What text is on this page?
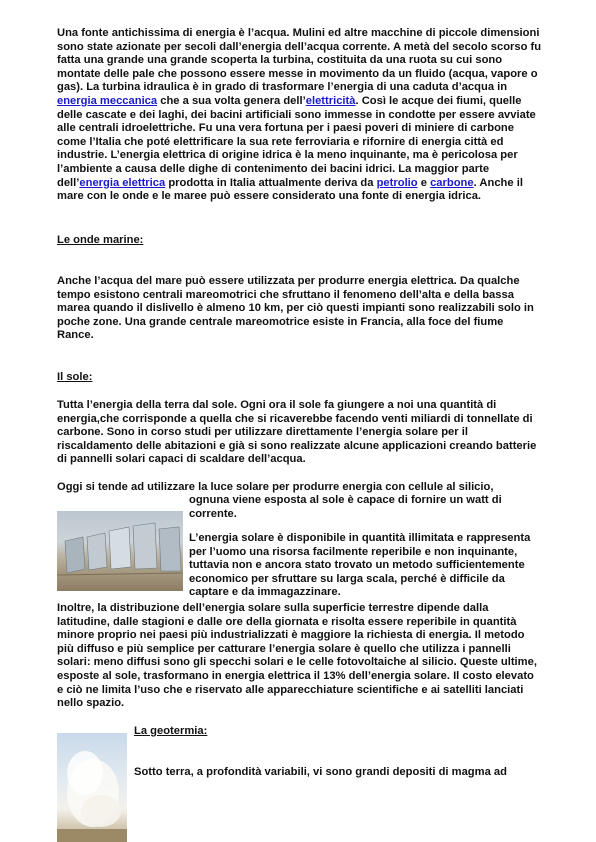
Una fonte antichissima di energia è l’acqua. Mulini ed altre macchine di piccole dimensioni sono state azionate per secoli dall’energia dell’acqua corrente. A metà del secolo scorso fu fatta una grande una grande scoperta la turbina, costituita da una ruota su cui sono montate delle pale che possono essere messe in movimento da un fluido (acqua, vapore o gas). La turbina idraulica è in grado di trasformare l’energia di una caduta d’acqua in energia meccanica che a sua volta genera dell’elettricità. Così le acque dei fiumi, quelle delle cascate e dei laghi, dei bacini artificiali sono immesse in condotte per essere avviate alle centrali idroelettriche. Fu una vera fortuna per i paesi poveri di miniere di carbone come l’Italia che poté elettrificare la sua rete ferroviaria e rifornire di energia città ed industrie. L’energia elettrica di origine idrica è la meno inquinante, ma è pericolosa per l’ambiente a causa delle dighe di contenimento dei bacini idrici. La maggior parte dell’energia elettrica prodotta in Italia attualmente deriva da petrolio e carbone. Anche il mare con le onde e le maree può essere considerato una fonte di energia idrica.

Le onde marine:

Anche l’acqua del mare può essere utilizzata per produrre energia elettrica. Da qualche tempo esistono centrali mareomotrici che sfruttano il fenomeno dell’alta e della bassa marea quando il dislivello è almeno 10 km, per ciò questi impianti sono realizzabili solo in poche zone. Una grande centrale mareomotrice esiste in Francia, alla foce del fiume Rance.

Il sole:

Tutta l’energia della terra dal sole. Ogni ora il sole fa giungere a noi una quantità di energia,che corrisponde a quella che si ricaverebbe facendo venti miliardi di tonnellate di carbone. Sono in corso studi per utilizzare direttamente l’energia solare per il riscaldamento delle abitazioni e già si sono realizzate alcune applicazioni creando batterie di pannelli solari capaci di scaldare dell’acqua.

Oggi si tende ad utilizzare la luce solare per produrre energia con cellule al silicio,

ognuna viene esposta al sole è capace di fornire un watt di corrente.

L’energia solare è disponibile in quantità illimitata e rappresenta per l’uomo una risorsa facilmente reperibile e non inquinante, tuttavia non e ancora stato trovato un metodo sufficientemente economico per sfruttare su larga scala, perché è difficile da captare e da immagazzinare.

Inoltre, la distribuzione dell’energia solare sulla superficie terrestre dipende dalla latitudine, dalle stagioni e dalle ore della giornata e risolta essere reperibile in quantità minore proprio nei paesi più industrializzati è maggiore la richiesta di energia. Il metodo più diffuso e più semplice per catturare l’energia solare è quello che utilizza i pannelli solari: meno diffusi sono gli specchi solari e le celle fotovoltaiche al silicio. Queste ultime, esposte al sole, trasformano in energia elettrica il 13% dell’energia solare. Il costo elevato e ciò ne limita l’uso che e riservato alle apparecchiature scientifiche e ai satelliti lanciati nello spazio.

La geotermia:

Sotto terra, a profondità variabili, vi sono grandi depositi di magma ad
